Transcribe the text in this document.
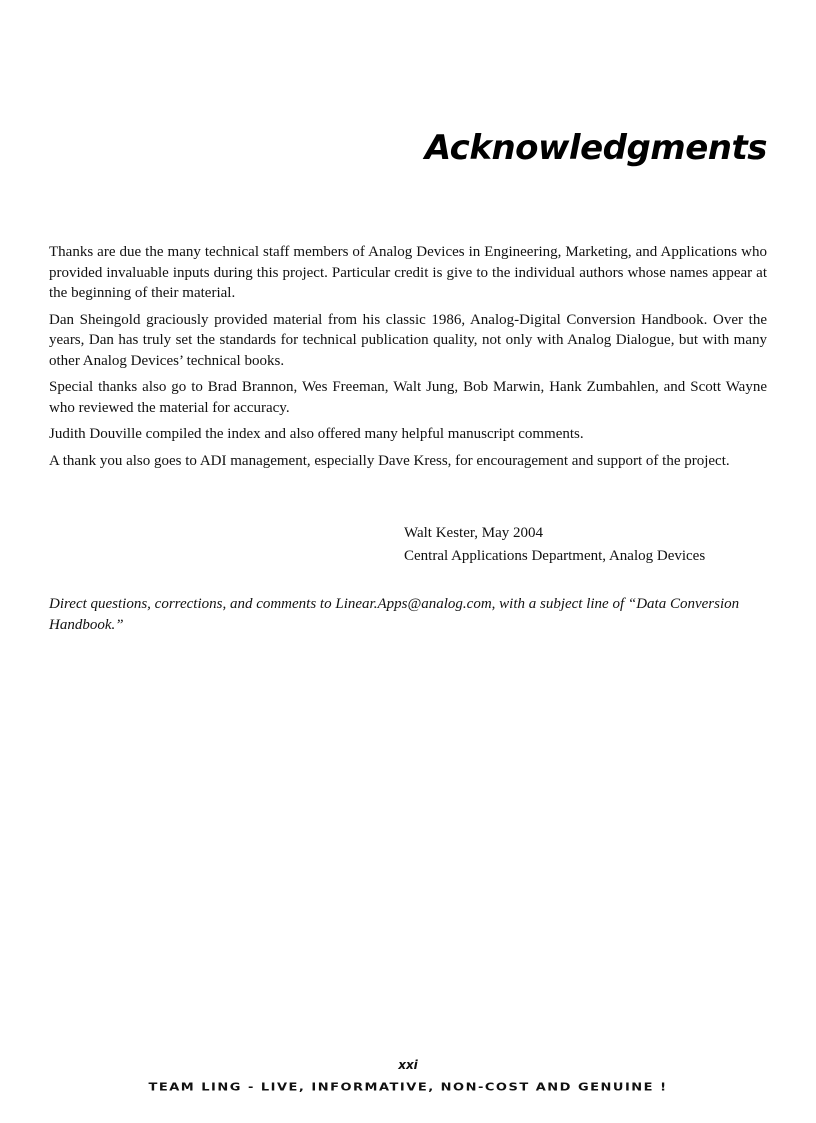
Acknowledgments

Thanks are due the many technical staff members of Analog Devices in Engineering, Marketing, and Applications who provided invaluable inputs during this project. Particular credit is give to the individual authors whose names appear at the beginning of their material.

Dan Sheingold graciously provided material from his classic 1986, Analog-Digital Conversion Handbook. Over the years, Dan has truly set the standards for technical publication quality, not only with Analog Dialogue, but with many other Analog Devices’ technical books.

Special thanks also go to Brad Brannon, Wes Freeman, Walt Jung, Bob Marwin, Hank Zumbahlen, and Scott Wayne who reviewed the material for accuracy.

Judith Douville compiled the index and also offered many helpful manuscript comments.

A thank you also goes to ADI management, especially Dave Kress, for encouragement and support of the project.

Walt Kester, May 2004
Central Applications Department, Analog Devices

Direct questions, corrections, and comments to Linear.Apps@analog.com, with a subject line of “Data Conversion Handbook.”

xxi
TEAM LING - LIVE, INFORMATIVE, NON-COST AND GENUINE !
